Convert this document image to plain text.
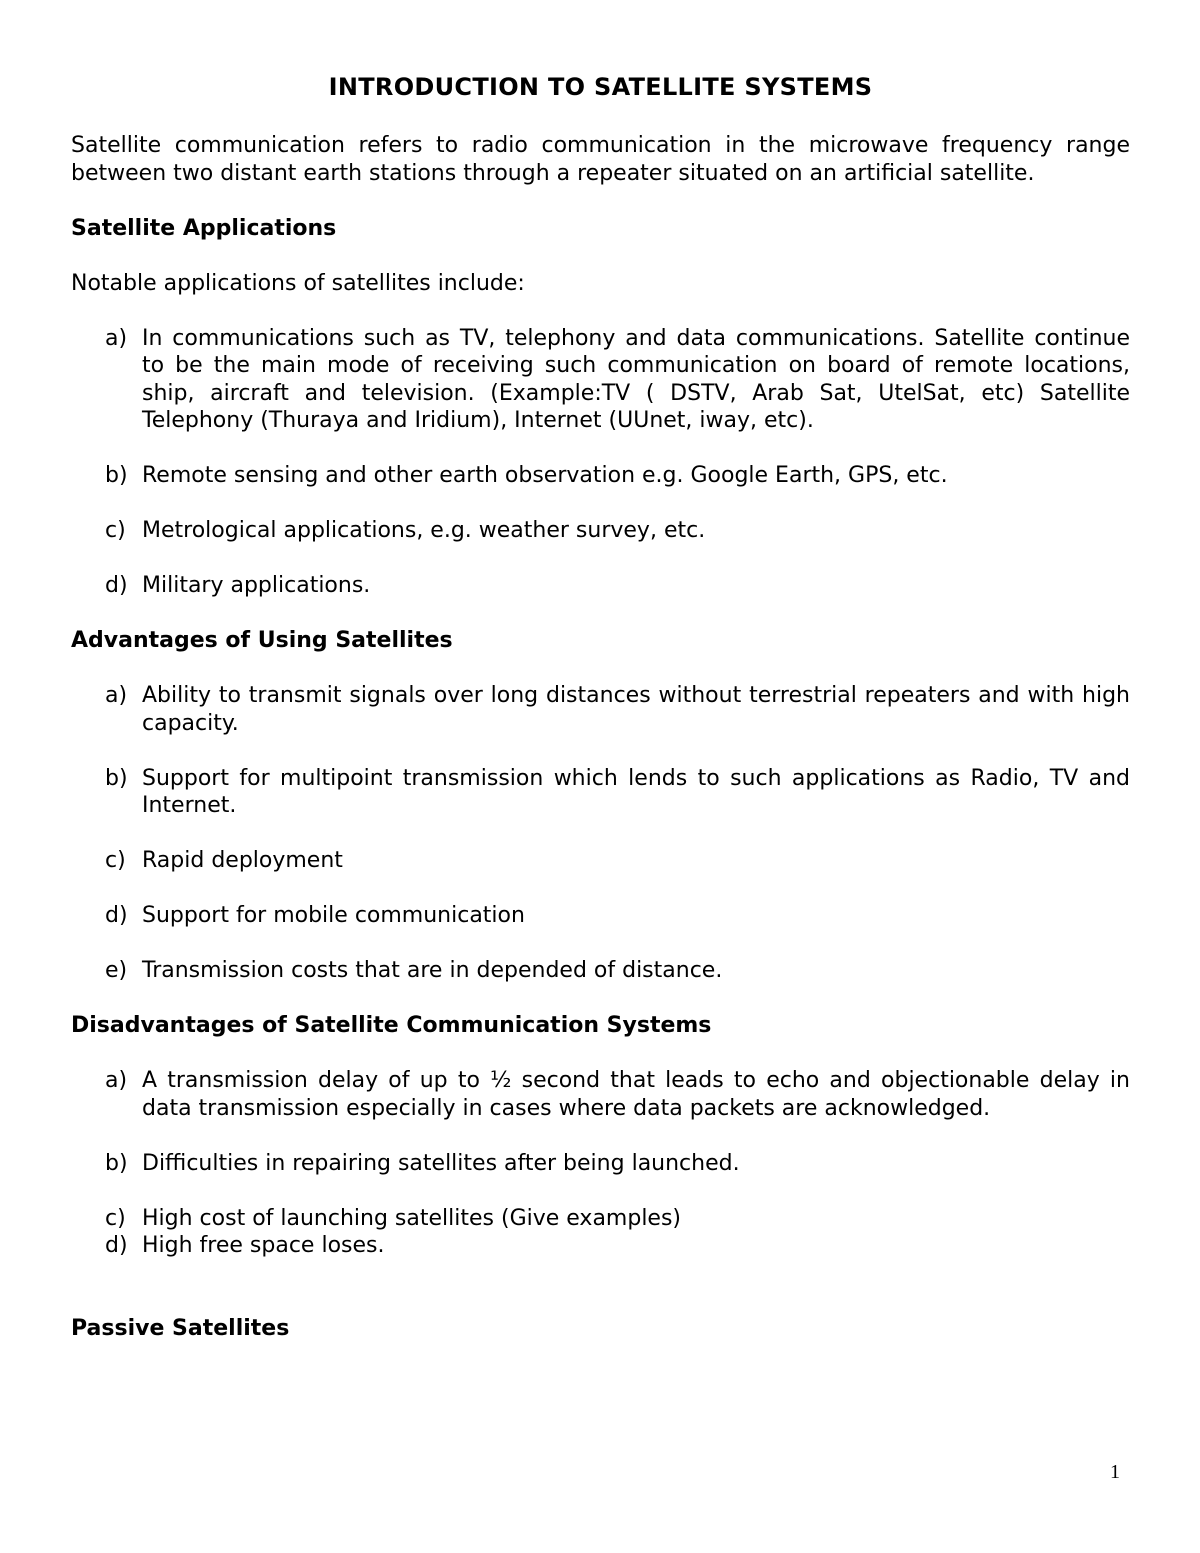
INTRODUCTION TO SATELLITE SYSTEMS

Satellite communication refers to radio communication in the microwave frequency range between two distant earth stations through a repeater situated on an artificial satellite.

Satellite Applications

Notable applications of satellites include:

a) In communications such as TV, telephony and data communications. Satellite continue to be the main mode of receiving such communication on board of remote locations, ship, aircraft and television. (Example:TV ( DSTV, Arab Sat, UtelSat, etc) Satellite Telephony (Thuraya and Iridium), Internet (UUnet, iway, etc).
b) Remote sensing and other earth observation e.g. Google Earth, GPS, etc.
c) Metrological applications, e.g. weather survey, etc.
d) Military applications.
Advantages of Using Satellites
a) Ability to transmit signals over long distances without terrestrial repeaters and with high capacity.
b) Support for multipoint transmission which lends to such applications as Radio, TV and Internet.
c) Rapid deployment
d) Support for mobile communication
e) Transmission costs that are in depended of distance.
Disadvantages of Satellite Communication Systems
a) A transmission delay of up to ½ second that leads to echo and objectionable delay in data transmission especially in cases where data packets are acknowledged.
b) Difficulties in repairing satellites after being launched.
c) High cost of launching satellites (Give examples)
d) High free space loses.
Passive Satellites
1
